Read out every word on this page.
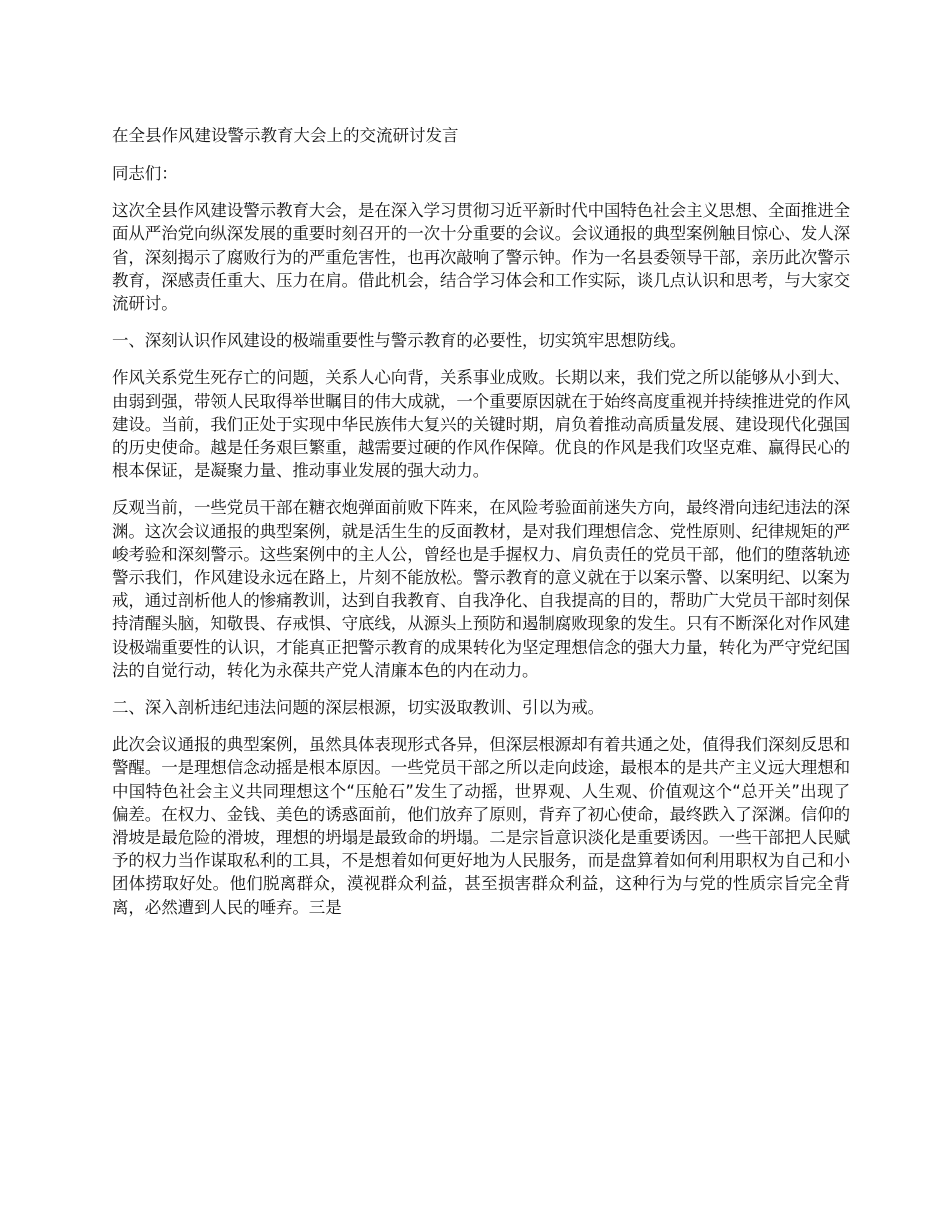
在全县作风建设警示教育大会上的交流研讨发言
同志们：
这次全县作风建设警示教育大会，是在深入学习贯彻习近平新时代中国特色社会主义思想、全面推进全面从严治党向纵深发展的重要时刻召开的一次十分重要的会议。会议通报的典型案例触目惊心、发人深省，深刻揭示了腐败行为的严重危害性，也再次敲响了警示钟。作为一名县委领导干部，亲历此次警示教育，深感责任重大、压力在肩。借此机会，结合学习体会和工作实际，谈几点认识和思考，与大家交流研讨。
一、深刻认识作风建设的极端重要性与警示教育的必要性，切实筑牢思想防线。
作风关系党生死存亡的问题，关系人心向背，关系事业成败。长期以来，我们党之所以能够从小到大、由弱到强，带领人民取得举世瞩目的伟大成就，一个重要原因就在于始终高度重视并持续推进党的作风建设。当前，我们正处于实现中华民族伟大复兴的关键时期，肩负着推动高质量发展、建设现代化强国的历史使命。越是任务艰巨繁重，越需要过硬的作风作保障。优良的作风是我们攻坚克难、赢得民心的根本保证，是凝聚力量、推动事业发展的强大动力。
反观当前，一些党员干部在糖衣炮弹面前败下阵来，在风险考验面前迷失方向，最终滑向违纪违法的深渊。这次会议通报的典型案例，就是活生生的反面教材，是对我们理想信念、党性原则、纪律规矩的严峻考验和深刻警示。这些案例中的主人公，曾经也是手握权力、肩负责任的党员干部，他们的堕落轨迹警示我们，作风建设永远在路上，片刻不能放松。警示教育的意义就在于以案示警、以案明纪、以案为戒，通过剖析他人的惨痛教训，达到自我教育、自我净化、自我提高的目的，帮助广大党员干部时刻保持清醒头脑，知敬畏、存戒惧、守底线，从源头上预防和遏制腐败现象的发生。只有不断深化对作风建设极端重要性的认识，才能真正把警示教育的成果转化为坚定理想信念的强大力量，转化为严守党纪国法的自觉行动，转化为永葆共产党人清廉本色的内在动力。
二、深入剖析违纪违法问题的深层根源，切实汲取教训、引以为戒。
此次会议通报的典型案例，虽然具体表现形式各异，但深层根源却有着共通之处，值得我们深刻反思和警醒。一是理想信念动摇是根本原因。一些党员干部之所以走向歧途，最根本的是共产主义远大理想和中国特色社会主义共同理想这个“压舱石”发生了动摇，世界观、人生观、价值观这个“总开关”出现了偏差。在权力、金钱、美色的诱惑面前，他们放弃了原则，背弃了初心使命，最终跌入了深渊。信仰的滑坡是最危险的滑坡，理想的坍塌是最致命的坍塌。二是宗旨意识淡化是重要诱因。一些干部把人民赋予的权力当作谋取私利的工具，不是想着如何更好地为人民服务，而是盘算着如何利用职权为自己和小团体捞取好处。他们脱离群众，漠视群众利益，甚至损害群众利益，这种行为与党的性质宗旨完全背离，必然遭到人民的唾弃。三是
